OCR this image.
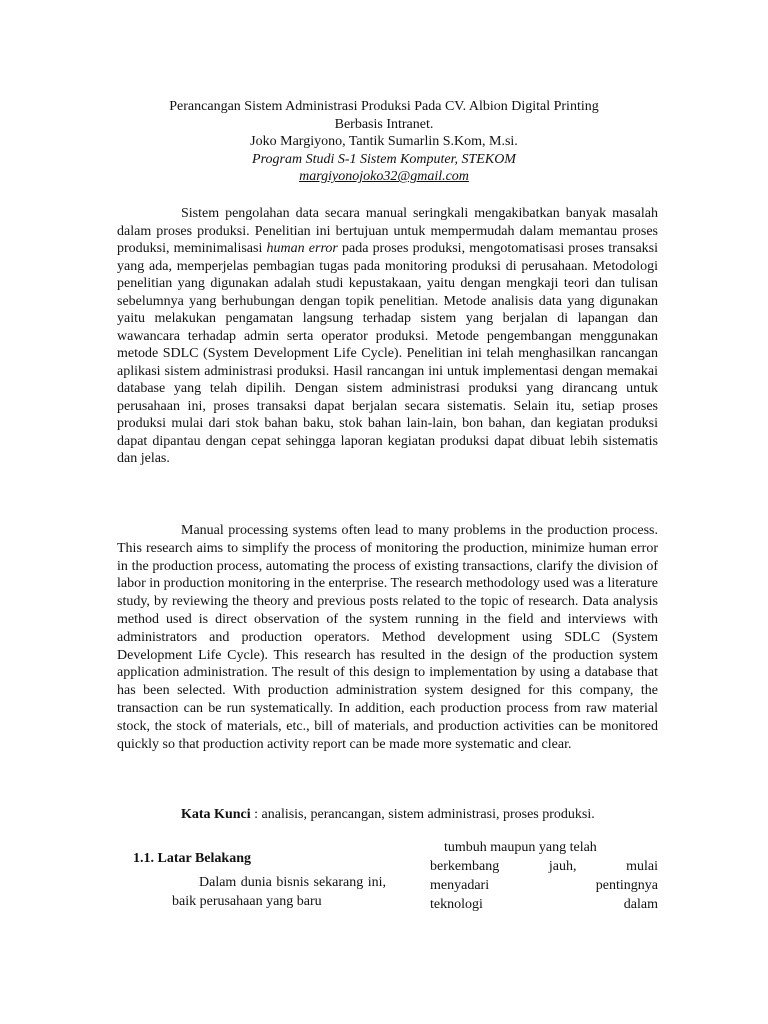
Perancangan Sistem Administrasi Produksi Pada CV. Albion Digital Printing
Berbasis Intranet.
Joko Margiyono, Tantik Sumarlin S.Kom, M.si.
Program Studi S-1 Sistem Komputer, STEKOM
margiyonojoko32@gmail.com

Sistem pengolahan data secara manual seringkali mengakibatkan banyak masalah dalam proses produksi. Penelitian ini bertujuan untuk mempermudah dalam memantau proses produksi, meminimalisasi human error pada proses produksi, mengotomatisasi proses transaksi yang ada, memperjelas pembagian tugas pada monitoring produksi di perusahaan. Metodologi penelitian yang digunakan adalah studi kepustakaan, yaitu dengan mengkaji teori dan tulisan sebelumnya yang berhubungan dengan topik penelitian. Metode analisis data yang digunakan yaitu melakukan pengamatan langsung terhadap sistem yang berjalan di lapangan dan wawancara terhadap admin serta operator produksi. Metode pengembangan menggunakan metode SDLC (System Development Life Cycle). Penelitian ini telah menghasilkan rancangan aplikasi sistem administrasi produksi. Hasil rancangan ini untuk implementasi dengan memakai database yang telah dipilih. Dengan sistem administrasi produksi yang dirancang untuk perusahaan ini, proses transaksi dapat berjalan secara sistematis. Selain itu, setiap proses produksi mulai dari stok bahan baku, stok bahan lain-lain, bon bahan, dan kegiatan produksi dapat dipantau dengan cepat sehingga laporan kegiatan produksi dapat dibuat lebih sistematis dan jelas.

Manual processing systems often lead to many problems in the production process. This research aims to simplify the process of monitoring the production, minimize human error in the production process, automating the process of existing transactions, clarify the division of labor in production monitoring in the enterprise. The research methodology used was a literature study, by reviewing the theory and previous posts related to the topic of research. Data analysis method used is direct observation of the system running in the field and interviews with administrators and production operators. Method development using SDLC (System Development Life Cycle). This research has resulted in the design of the production system application administration. The result of this design to implementation by using a database that has been selected. With production administration system designed for this company, the transaction can be run systematically. In addition, each production process from raw material stock, the stock of materials, etc., bill of materials, and production activities can be monitored quickly so that production activity report can be made more systematic and clear.

Kata Kunci : analisis, perancangan, sistem administrasi, proses produksi.
1.1. Latar Belakang

Dalam dunia bisnis sekarang ini, baik perusahaan yang baru

tumbuh maupun yang telah
berkembang	jauh,	mulai
menyadari	pentingnya
teknologi	dalam
